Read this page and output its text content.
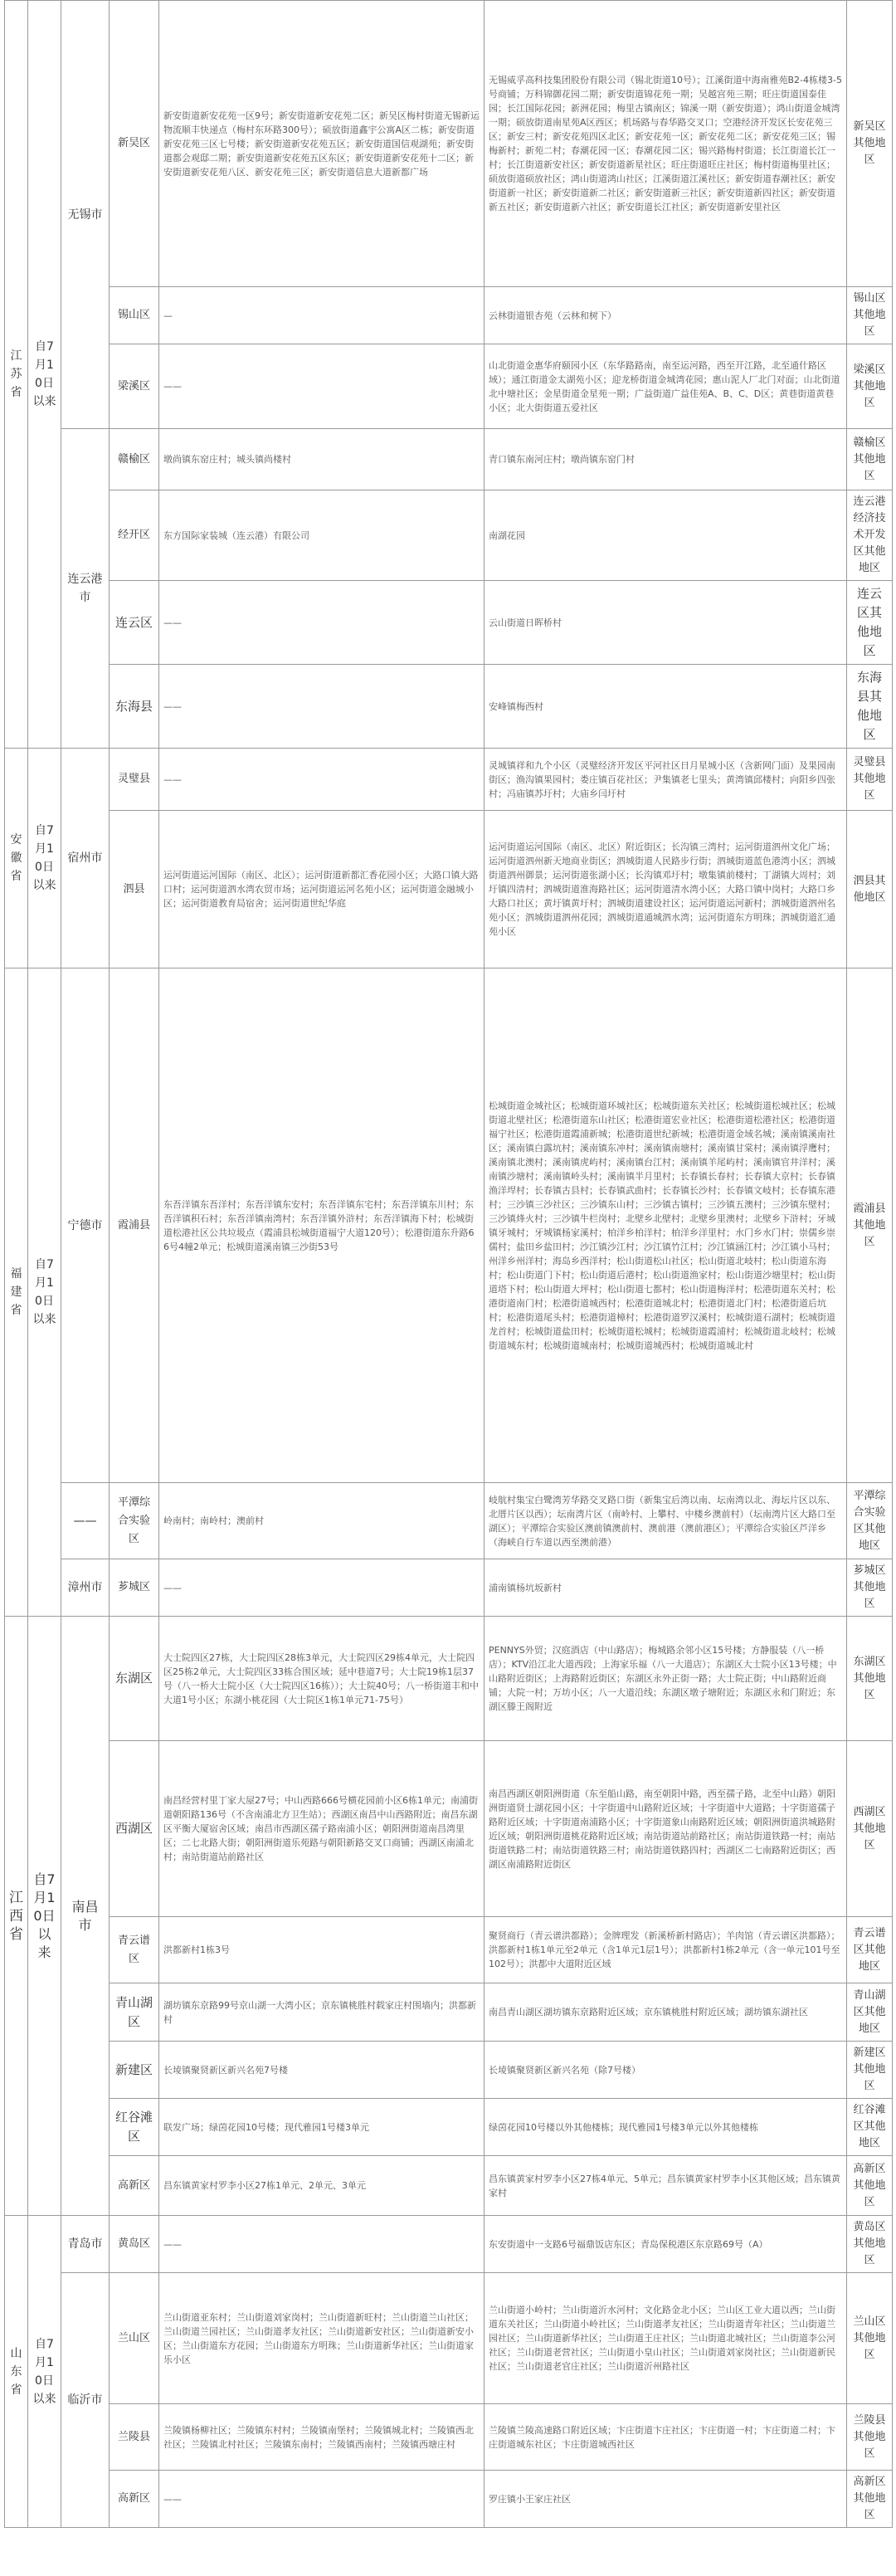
江苏省	自7月10日以来	无锡市	新吴区	新安街道新安花苑一区9号；新安街道新安花苑二区；新吴区梅村街道无锡新运物流顺丰快递点（梅村东环路300号）；硕放街道鑫宇公寓A区二栋；新安街道新安花苑三区七号楼；新安街道新安花苑五区；新安街道国信观湖苑；新安街道都会观邸二期；新安街道新安花苑五区东区；新安街道新安花苑十二区；新安街道新安花苑八区、新安花苑三区；新安街道信息大道新都广场	无锡威孚高科技集团股份有限公司（锡北街道10号）；江溪街道中海南雅苑B2-4栋楼3-5号商铺；万科锦御花园二期；新安街道锦花苑一期；吴越宫苑三期；旺庄街道国泰佳园；长江国际花园；新洲花园；梅里古镇南区；锦溪一期（新安街道）；鸿山街道金城湾一期；硕放街道南星苑A区西区；机场路与春华路交叉口；空港经济开发区长安花苑三区；新安三村；新安花苑四区北区；新安花苑一区；新安花苑二区；新安花苑三区；锡梅新村；新苑二村；春潮花园一区；春潮花园二区；锡兴路梅村街道；长江街道长江一村；长江街道新安社区；新安街道新星社区；旺庄街道旺庄社区；梅村街道梅里社区；硕放街道硕放社区；鸿山街道鸿山社区；江溪街道江溪社区；新安街道春潮社区；新安街道新一社区；新安街道新二社区；新安街道新三社区；新安街道新四社区；新安街道新五社区；新安街道新六社区；新安街道长江社区；新安街道新安里社区	新吴区其他地区
			锡山区	—	云林街道银杏苑（云林和树下）	锡山区其他地区
			梁溪区	——	山北街道金惠华府颐园小区（东华路路南，南至运河路，西至开江路，北至通什路区域）；通江街道金太湖苑小区；迎龙桥街道金城湾花园；惠山泥人厂北门对面；山北街道北中塘社区；金星街道金星苑一期；广益街道广益佳苑A、B、C、D区；黄巷街道黄巷小区；北大街街道五爱社区	梁溪区其他地区
		连云港市	赣榆区	墩尚镇东窑庄村；城头镇尚楼村	青口镇东南河庄村；墩尚镇东窑门村	赣榆区其他地区
			经开区	东方国际家装城（连云港）有限公司	南湖花园	连云港经济技术开发区其他地区
			连云区	——	云山街道日晖桥村	连云区其他地区
			东海县	——	安峰镇梅西村	东海县其他地区

安徽省	自7月10日以来	宿州市	灵璧县	——	灵城镇祥和九个小区（灵璧经济开发区平河社区日月星城小区（含新网门面）及果园南街区；渔沟镇果园村；娄庄镇百花社区；尹集镇老七里头；黄湾镇邱楼村；向阳乡四张村；冯庙镇苏圩村；大庙乡闫圩村	灵璧县其他地区
			泗县	运河街道运河国际（南区、北区）；运河街道新都汇香花园小区；大路口镇大路口村；运河街道泗水湾农贸市场；运河街道运河名苑小区；运河街道金融城小区；运河街道教育局宿舍；运河街道世纪华庭	运河街道运河国际（南区、北区）附近街区；长沟镇三湾村；运河街道泗州文化广场；运河街道泗州新天地商业街区；泗城街道人民路步行街；泗城街道蓝色港湾小区；泗城街道泗州御景；运河街道张湖小区；长沟镇邓圩村；墩集镇前楼村；丁湖镇大周村；刘圩镇四清村；泗城街道淮海路社区；运河街道清水湾小区；大路口镇中岗村；大路口乡大路口社区；黄圩镇黄圩村；泗城街道建设社区；运河街道运河新村；泗城街道泗州名苑小区；泗城街道泗州花园；泗城街道通城泗水湾；运河街道东方明珠；泗城街道汇通苑小区	泗县其他地区
福建省	自7月10日以来	宁德市	霞浦县	东吾洋镇东吾洋村；东吾洋镇东安村；东吾洋镇东宅村；东吾洋镇东川村；东吾洋镇积石村；东吾洋镇南湾村；东吾洋镇外浒村；东吾洋镇海下村；松城街道松港社区公共垃圾点（霞浦县松城街道福宁大道120号）；松港街道东升路66号4幢2单元；松城街道溪南镇三沙街53号	松城街道金城社区；松城街道环城社区；松城街道东关社区；松城街道松城社区；松城街道北壁社区；松港街道东山社区；松港街道宏业社区；松港街道松港社区；松港街道福宁社区；松港街道霞浦新城；松港街道世纪新城；松港街道金域名城；溪南镇溪南社区；溪南镇白露坑村；溪南镇东冲村；溪南镇南塘村；溪南镇甘棠村；溪南镇浮鹰村；溪南镇北澳村；溪南镇虎屿村；溪南镇台江村；溪南镇羊尾屿村；溪南镇官井洋村；溪南镇沙塘村；溪南镇岭头村；溪南镇半月里村；长春镇长春村；长春镇大京村；长春镇渔洋垾村；长春镇古县村；长春镇武曲村；长春镇长沙村；长春镇文岐村；长春镇东港村；三沙镇三沙社区；三沙镇东山村；三沙镇古镇村；三沙镇五澳村；三沙镇东壁村；三沙镇烽火村；三沙镇牛栏岗村；北壁乡北壁村；北壁乡里澳村；北壁乡下浒村；牙城镇牙城村；牙城镇杨家溪村；柏洋乡柏洋村；柏洋乡洋里村；水门乡水门村；崇儒乡崇儒村；盐田乡盐田村；沙江镇沙江村；沙江镇竹江村；沙江镇涵江村；沙江镇小马村；州洋乡州洋村；海岛乡西洋村；松山街道松山社区；松山街道北岐村；松山街道东海村；松山街道门下村；松山街道后港村；松山街道渔家村；松山街道沙塘里村；松山街道塔下村；松山街道大坪村；松山街道七都村；松山街道梅洋村；松港街道东关村；松港街道南门村；松港街道城西村；松港街道城北村；松港街道北门村；松港街道后坑村；松港街道尾头村；松港街道樟村；松港街道罗汉溪村；松城街道石湖村；松城街道龙首村；松城街道盐田村；松城街道松城村；松城街道霞浦村；松城街道北岐村；松城街道城东村；松城街道城南村；松城街道城西村；松城街道城北村	霞浦县其他地区
		——	平潭综合实验区	岭南村；南岭村；澳前村	岐航村集宝白鹭湾芳华路交叉路口街（新集宝后湾以南、坛南湾以北、海坛片区以东、北厝片区以西）；坛南湾片区（南岭村、上攀村、中楼乡澳前村）（坛南湾片区大路口至湖区）；平潭综合实验区澳前镇澳前村、澳前港（澳前港区）；平潭综合实验区芦洋乡（海峡自行车道以西至澳前港）	平潭综合实验区其他地区
		漳州市	芗城区	——	浦南镇杨坑坂新村	芗城区其他地区
江西省	自7月10日以来	南昌市	东湖区	大士院四区27栋，大士院四区28栋3单元，大士院四区29栋4单元，大士院四区25栋2单元，大士院四区33栋合围区域；延中巷道7号；大士院19栋1层37号（八一桥大士院小区（大士院四区16栋））；大士院40号；八一桥街道丰和中大道1号小区；东湖小桃花园（大士院区1栋1单元71-75号）	PENNYS外贸；汉庭酒店（中山路店）；梅城路余邻小区15号楼；方静服装（八一桥店）；KTV沿江北大道西段；上海家乐福（八一大道店）；东湖区大士院小区13号楼；中山路附近街区；上海路附近街区；东湖区永外正街一路；大士院正街；中山路附近商铺；大院一村；万坊小区；八一大道沿线；东湖区墩子塘附近；东湖区永和门附近；东湖区滕王阁附近	东湖区其他地区
			西湖区	南昌经营村里丁家大屋27号；中山西路666号横花园前小区6栋1单元；南浦街道朝阳路136号（不含南浦北方卫生站）；西湖区南昌中山西路附近；南昌东湖区平衡大厦宿舍区域；南昌市西湖区孺子路南浦小区；朝阳洲街道南昌湾里区；二七北路大街；朝阳洲街道乐苑路与朝阳新路交叉口商铺；西湖区南浦北村；南站街道站前路社区	南昌西湖区朝阳洲街道（东至船山路，南至朝阳中路，西至孺子路，北至中山路）朝阳洲街道贤士湖花园小区；十字街道中山路附近区域；十字街道中大道路；十字街道孺子路附近区域；十字街道南浦路小区；十字街道象山南路附近区域；朝阳洲街道洪城路附近区域；朝阳洲街道桃花路附近区域；南站街道站前路社区；南站街道铁路一村；南站街道铁路二村；南站街道铁路三村；南站街道铁路四村；西湖区二七南路附近街区；西湖区南浦路附近街区	西湖区其他地区
			青云谱区	洪都新村1栋3号	聚贤商行（青云谱洪都路）；金牌理发（新溪桥新村路店）；羊肉馆（青云谱区洪都路）；洪都新村1栋1单元至2单元（含1单元1层1号）；洪都新村1栋2单元（含一单元101号至102号）；洪都中大道附近区域	青云谱区其他地区
			青山湖区	湖坊镇东京路99号京山湖一大湾小区；京东镇桃胜村载家庄村围墙内；洪都新村	南昌青山湖区湖坊镇东京路附近区域；京东镇桃胜村附近区域；湖坊镇东湖社区	青山湖区其他地区
			新建区	长堎镇聚贤新区新兴名苑7号楼	长堎镇聚贤新区新兴名苑（除7号楼）	新建区其他地区
			红谷滩区	联发广场；绿茵花园10号楼；现代雅园1号楼3单元	绿茵花园10号楼以外其他楼栋；现代雅园1号楼3单元以外其他楼栋	红谷滩区其他地区
			高新区	昌东镇黄家村罗李小区27栋1单元、2单元、3单元	昌东镇黄家村罗李小区27栋4单元、5单元；昌东镇黄家村罗李小区其他区域；昌东镇黄家村	高新区其他地区
山东省	自7月10日以来	青岛市	黄岛区	——	东安街道中一支路6号福鼎饭店东区；青岛保税港区东京路69号（A）	黄岛区其他地区
		临沂市	兰山区	兰山街道亚东村；兰山街道刘家岗村；兰山街道新旺村；兰山街道兰山社区；兰山街道兰园社区；兰山街道孝友社区；兰山街道新安社区；兰山街道新安小区；兰山街道东方花园；兰山街道东方明珠；兰山街道新华社区；兰山街道家乐小区	兰山街道小岭村；兰山街道沂水河村；文化路金北小区；兰山区工业大道以西；兰山街道东关社区；兰山街道小岭社区；兰山街道孝友社区；兰山街道青年社区；兰山街道兰园社区；兰山街道新华社区；兰山街道王庄社区；兰山街道北城社区；兰山街道李公河社区；兰山街道老营社区；兰山街道小皇山社区；兰山街道刘家岗社区；兰山街道新民社区；兰山街道老官庄社区；兰山街道沂州路社区	兰山区其他地区
			兰陵县	兰陵镇杨柳社区；兰陵镇东村村；兰陵镇南堡村；兰陵镇城北村；兰陵镇西北社区；兰陵镇北村社区；兰陵镇东南村；兰陵镇西南村；兰陵镇西塘庄村	兰陵镇兰陵高速路口附近区域；卞庄街道卞庄社区；卞庄街道一村；卞庄街道二村；卞庄街道城东社区；卞庄街道城西社区	兰陵县其他地区
			高新区	——	罗庄镇小王家庄社区	高新区其他地区
